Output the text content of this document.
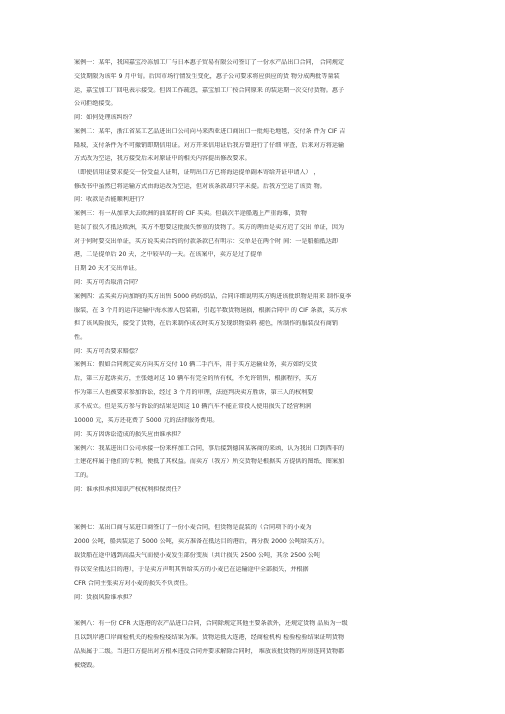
案例一：某年，我国嘉宝冷冻加工厂与日本惠子贸易有限公司签订了一份水产品出口合同， 合同规定
交货期限为该年 9 月中旬。后因市场行情发生变化，惠子公司要求将应供应的货 物分成两批等量装
运，嘉宝加工厂回电表示接受。但因工作疏忽，嘉宝加工厂按合同原来 的装运期一次交付货物。惠子
公司拒绝接受。
问：如何处理该纠纷？
案例二：某年，浙江省某工艺品进出口公司向马来西亚进口商出口一批炖毛地毯，交付条 件为 CIF 吉
隆坡，支付条件为不可撤销即期信用证。对方开来信用证后我方曾进行了仔细 审查，后来对方将运输
方式改为空运，我方接受后未对原证中的相关内容提出修改要求。
（即使信用证要求提交一份受益人证明，证明出口方已将海运提单副本寄给开证申请人） ，
修改书中虽然已将运输方式由海运改为空运，但对该条款却只字未提。后我方空运了该货 物。
问：收款是否能顺利进行？
案例三：有一从加拿大去欧洲的油菜籽的 CIF 买卖。但载次半途船遇上严重海难，货物
延误了很久才抵达欧洲，买方不想要这批损失惨重的货物了。买方的理由是卖方迟了交出 单证，因为
对于何时要交出单证，买方说买卖合约的付款条款已有明示：交单是在两个时 间：一是船舶抵达卸
港，二是提单后 20 天，之中较早的一天。在该案中，卖方是过了提单
日期 20 天才交出单证。
问：买方可否取消合同？
案例四：孟买卖方向加纳的买方出售 5000 码纺织品，合同详细说明买方购进该批织物是用来 制作夏季
服装，在 3 个月的运洋运输中海水渗入包装箱，引起半数货物退损，根据合同中 的 CIF 条款，买方承
担了该风险损失，接受了货物，在后来制作成衣时买方发现织物染料 褪色，所制作的服装没有商销
性。
问：买方可否要求赔偿？
案例五：假如合同规定卖方向买方交付 10 辆二手汽车，用于买方运输业务，卖方如约交货
后，第三方起诉卖方，主张她对这 10 辆车有完全的所有权，不允许销售，根据程序，买方
作为第三人也被要求参加诉讼，经过 3 个月的审理，法庭判决卖方胜诉，第三人的权利要
求不成立。但是买方参与诉讼的结果是因这 10 辆汽车不能正常投入使用损失了经营利润
10000 元，买方还花费了 5000 元的法律服务费用。
问：买方因诉讼造成的损失应由谁承担？
案例六：我某进出口公司承接一份来样加工合同，事后接到德国某客商的来函，认为我出 口到西非的
土建花样属于他们的专利，便抵了其权益。而卖方（我方）所交货物是根据买 方提供的图纸、图案加
工的。
问：谁承担承担知识产权权利担保责任？
案例七：某出口商与某进口商签订了一份小麦合同，但货物是混装的（合同项下的小麦为
2000 公吨，船共装运了 5000 公吨，卖方准备在抵达目的港后，再分拨 2000 公吨给买方）。
载货船在途中遇到高温天气而使小麦发生部份变质（共计损失 2500 公吨，其余 2500 公吨
得以安全抵达目的港），于是卖方声明其售给买方的小麦已在运输途中全部损失，并根据
CFR 合同主张卖方对小麦的损失不负责任。
问：货损风险谁承担？
案例八：有一份 CFR 大连港的农产品进口合同，合同除规定其他主要条款外，还规定货物 品质为一级
且以到岸港口岸商检机关的检验检疫结果为准。货物运抵大连港，经商检机构 检验检验结果证明货物
品质属于二级。当进口方提出对方根本违反合同并要求解除合同时， 堆放该批货物的库房连同货物都
被烧毁。
